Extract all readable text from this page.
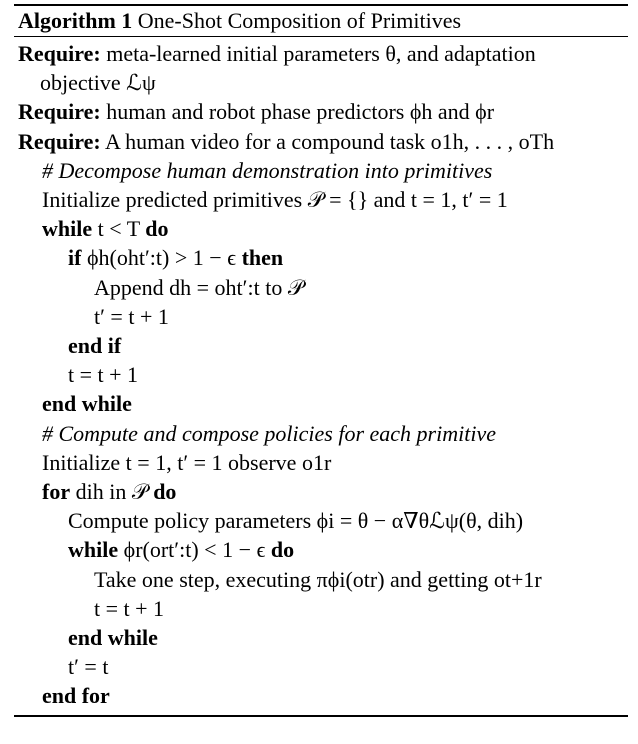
Algorithm 1 One-Shot Composition of Primitives
Require: meta-learned initial parameters θ, and adaptation
objective ℒψ
Require: human and robot phase predictors ϕh and ϕr
Require: A human video for a compound task o1h, . . . , oTh
# Decompose human demonstration into primitives
Initialize predicted primitives 𝒫 = {} and t = 1, t′ = 1
while t < T do
if ϕh(oht′:t) > 1 − ϵ then
Append dh = oht′:t to 𝒫
t′ = t + 1
end if
t = t + 1
end while
# Compute and compose policies for each primitive
Initialize t = 1, t′ = 1 observe o1r
for dih in 𝒫 do
Compute policy parameters ϕi = θ − α∇θℒψ(θ, dih)
while ϕr(ort′:t) < 1 − ϵ do
Take one step, executing πϕi(otr) and getting ot+1r
t = t + 1
end while
t′ = t
end for
